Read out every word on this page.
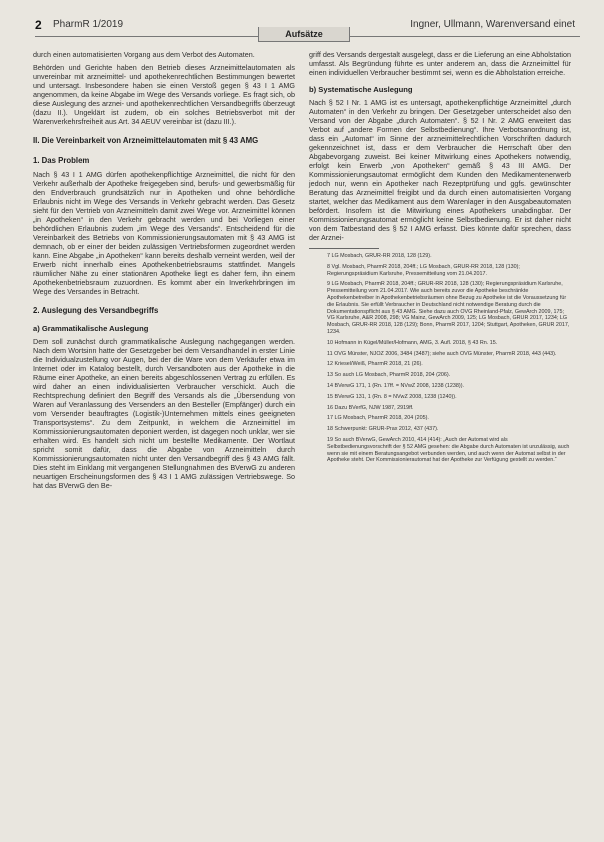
2 PharmR 1/2019	Ingner, Ullmann, Warenversand einet
Aufsätze

durch einen automatisierten Vorgang aus dem Verbot des Automaten.

Behörden und Gerichte haben den Betrieb dieses Arzneimittelautomaten als unvereinbar mit arzneimittel- und apothekenrechtlichen Bestimmungen bewertet und untersagt. Insbesondere haben sie einen Verstoß gegen § 43 I 1 AMG angenommen, da keine Abgabe im Wege des Versands vorliege. Es fragt sich, ob diese Auslegung des arznei- und apothekenrechtlichen Versandbegriffs überzeugt (dazu II.). Ungeklärt ist zudem, ob ein solches Betriebsverbot mit der Warenverkehrsfreiheit aus Art. 34 AEUV vereinbar ist (dazu III.).

II. Die Vereinbarkeit von Arzneimittelautomaten mit § 43 AMG
1. Das Problem

Nach § 43 I 1 AMG dürfen apothekenpflichtige Arzneimittel, die nicht für den Verkehr außerhalb der Apotheke freigegeben sind, berufs- und gewerbsmäßig für den Endverbrauch grundsätzlich nur in Apotheken und ohne behördliche Erlaubnis nicht im Wege des Versands in Verkehr gebracht werden. Das Gesetz sieht für den Vertrieb von Arzneimitteln damit zwei Wege vor. Arzneimittel können „in Apotheken“ in den Verkehr gebracht werden und bei Vorliegen einer behördlichen Erlaubnis zudem „im Wege des Versands“. Entscheidend für die Vereinbarkeit des Betriebs von Kommissionierungsautomaten mit § 43 AMG ist demnach, ob er einer der beiden zulässigen Vertriebsformen zugeordnet werden kann. Eine Abgabe „in Apotheken“ kann bereits deshalb verneint werden, weil der Erwerb nicht innerhalb eines Apothekenbetriebsraums stattfindet. Mangels räumlicher Nähe zu einer stationären Apotheke liegt es daher fern, ihn einem Apothekenbetriebsraum zuzuordnen. Es kommt aber ein Inverkehrbringen im Wege des Versandes in Betracht.

2. Auslegung des Versandbegriffs
a) Grammatikalische Auslegung

Dem soll zunächst durch grammatikalische Auslegung nachgegangen werden. Nach dem Wortsinn hatte der Gesetzgeber bei dem Versandhandel in erster Linie die Individualzustellung vor Augen, bei der die Ware von dem Verkäufer etwa im Internet oder im Katalog bestellt, durch Versandboten aus der Apotheke in die Räume einer Apotheke, an einen bereits abgeschlossenen Vertrag zu erfüllen. Es wird daher an einen individualisierten Verbraucher verschickt. Auch die Rechtsprechung definiert den Begriff des Versands als die „Übersendung von Waren auf Veranlassung des Versenders an den Besteller (Empfänger) durch ein vom Versender beauftragtes (Logistik-)Unternehmen mittels eines geeigneten Transportsystems“. Zu dem Zeitpunkt, in welchem die Arzneimittel im Kommissionierungsautomaten deponiert werden, ist dagegen noch unklar, wer sie erhalten wird. Es handelt sich nicht um bestellte Medikamente. Der Wortlaut spricht somit dafür, dass die Abgabe von Arzneimitteln durch Kommissionierungsautomaten nicht unter den Versandbegriff des § 43 AMG fällt. Dies steht im Einklang mit vergangenen Stellungnahmen des BVerwG zu anderen neuartigen Erscheinungsformen des § 43 I 1 AMG zulässigen Vertriebswege. So hat das BVerwG den Be-

griff des Versands dergestalt ausgelegt, dass er die Lieferung an eine Abholstation umfasst. Als Begründung führte es unter anderem an, dass die Arzneimittel für einen individuellen Verbraucher bestimmt sei, wenn es die Abholstation erreiche.

b) Systematische Auslegung

Nach § 52 I Nr. 1 AMG ist es untersagt, apothekenpflichtige Arzneimittel „durch Automaten“ in den Verkehr zu bringen. Der Gesetzgeber unterscheidet also den Versand von der Abgabe „durch Automaten“. § 52 I Nr. 2 AMG erweitert das Verbot auf „andere Formen der Selbstbedienung“. Ihre Verbotsanordnung ist, dass ein „Automat“ im Sinne der arzneimittelrechtlichen Vorschriften dadurch gekennzeichnet ist, dass er dem Verbraucher die Herrschaft über den Abgabevorgang zuweist. Bei keiner Mitwirkung eines Apothekers notwendig, erfolgt kein Erwerb „von Apotheken“ gemäß § 43 III AMG. Der Kommissionierungsautomat ermöglicht dem Kunden den Medikamentenerwerb jedoch nur, wenn ein Apotheker nach Rezeptprüfung und ggfs. gewünschter Beratung das Arzneimittel freigibt und da durch einen automatisierten Vorgang startet, welcher das Medikament aus dem Warenlager in den Ausgabeautomaten befördert. Insofern ist die Mitwirkung eines Apothekers unabdingbar. Der Kommissionierungsautomat ermöglicht keine Selbstbedienung. Er ist daher nicht von dem Tatbestand des § 52 I AMG erfasst. Dies könnte dafür sprechen, dass der Arznei-

7 LG Mosbach, GRUR-RR 2018, 128 (129).

8 Vgl. Mosbach, PharmR 2018, 204ff.; LG Mosbach, GRUR-RR 2018, 128 (130); Regierungspräsidium Karlsruhe, Pressemitteilung vom 21.04.2017.

9 LG Mosbach, PharmR 2018, 204ff.; GRUR-RR 2018, 128 (130); Regierungspräsidium Karlsruhe, Pressemitteilung vom 21.04.2017. Wie auch bereits zuvor die Apotheke beschränkte Apothekenbetreiber in Apothekenbetriebsräumen ohne Bezug zu Apotheke ist die Voraussetzung für die Erlaubnis. Sie erfüllt Verbraucher in Deutschland nicht notwendige Beratung durch die Dokumentationspflicht aus § 43 AMG. Siehe dazu auch OVG Rheinland-Pfalz, GewArch 2009, 175; VG Karlsruhe, A&R 2008, 298; VG Mainz, GewArch 2009, 125; LG Mosbach, GRUR 2017, 1234; LG Mosbach, GRUR-RR 2018, 128 (129); Bonn, PharmR 2017, 1204; Stuttgart, Apotheken, GRUR 2017, 1234.

10 Hofmann in Kügel/Müller/Hofmann, AMG, 3. Aufl. 2018, § 43 Rn. 15.

11 OVG Münster, NJOZ 2006, 3484 (3487); siehe auch OVG Münster, PharmR 2018, 443 (443).

12 Kriesel/Weiß, PharmR 2018, 21 (26).

13 So auch LG Mosbach, PharmR 2018, 204 (206).

14 BVerwG 171, 1 (Rn. 17ff. = NVwZ 2008, 1238 (1238)).

15 BVerwG 131, 1 (Rn. 8 = NVwZ 2008, 1238 (1240)).

16 Dazu BVerfG, NJW 1987, 2919ff.

17 LG Mosbach, PharmR 2018, 204 (205).

18 Schwerpunkt: GRUR-Prax 2012, 437 (437).

19 So auch BVerwG, GewArch 2010, 414 (414): „Auch der Automat wird als Selbstbedienungsvorschrift der § 52 AMG gesehen: die Abgabe durch Automaten ist unzulässig, auch wenn sie mit einem Beratungsangebot verbunden werden, und auch wenn der Automat selbst in der Apotheke steht. Der Kommissionierautomat hat der Apotheke zur Verfügung gestellt zu werden.“
